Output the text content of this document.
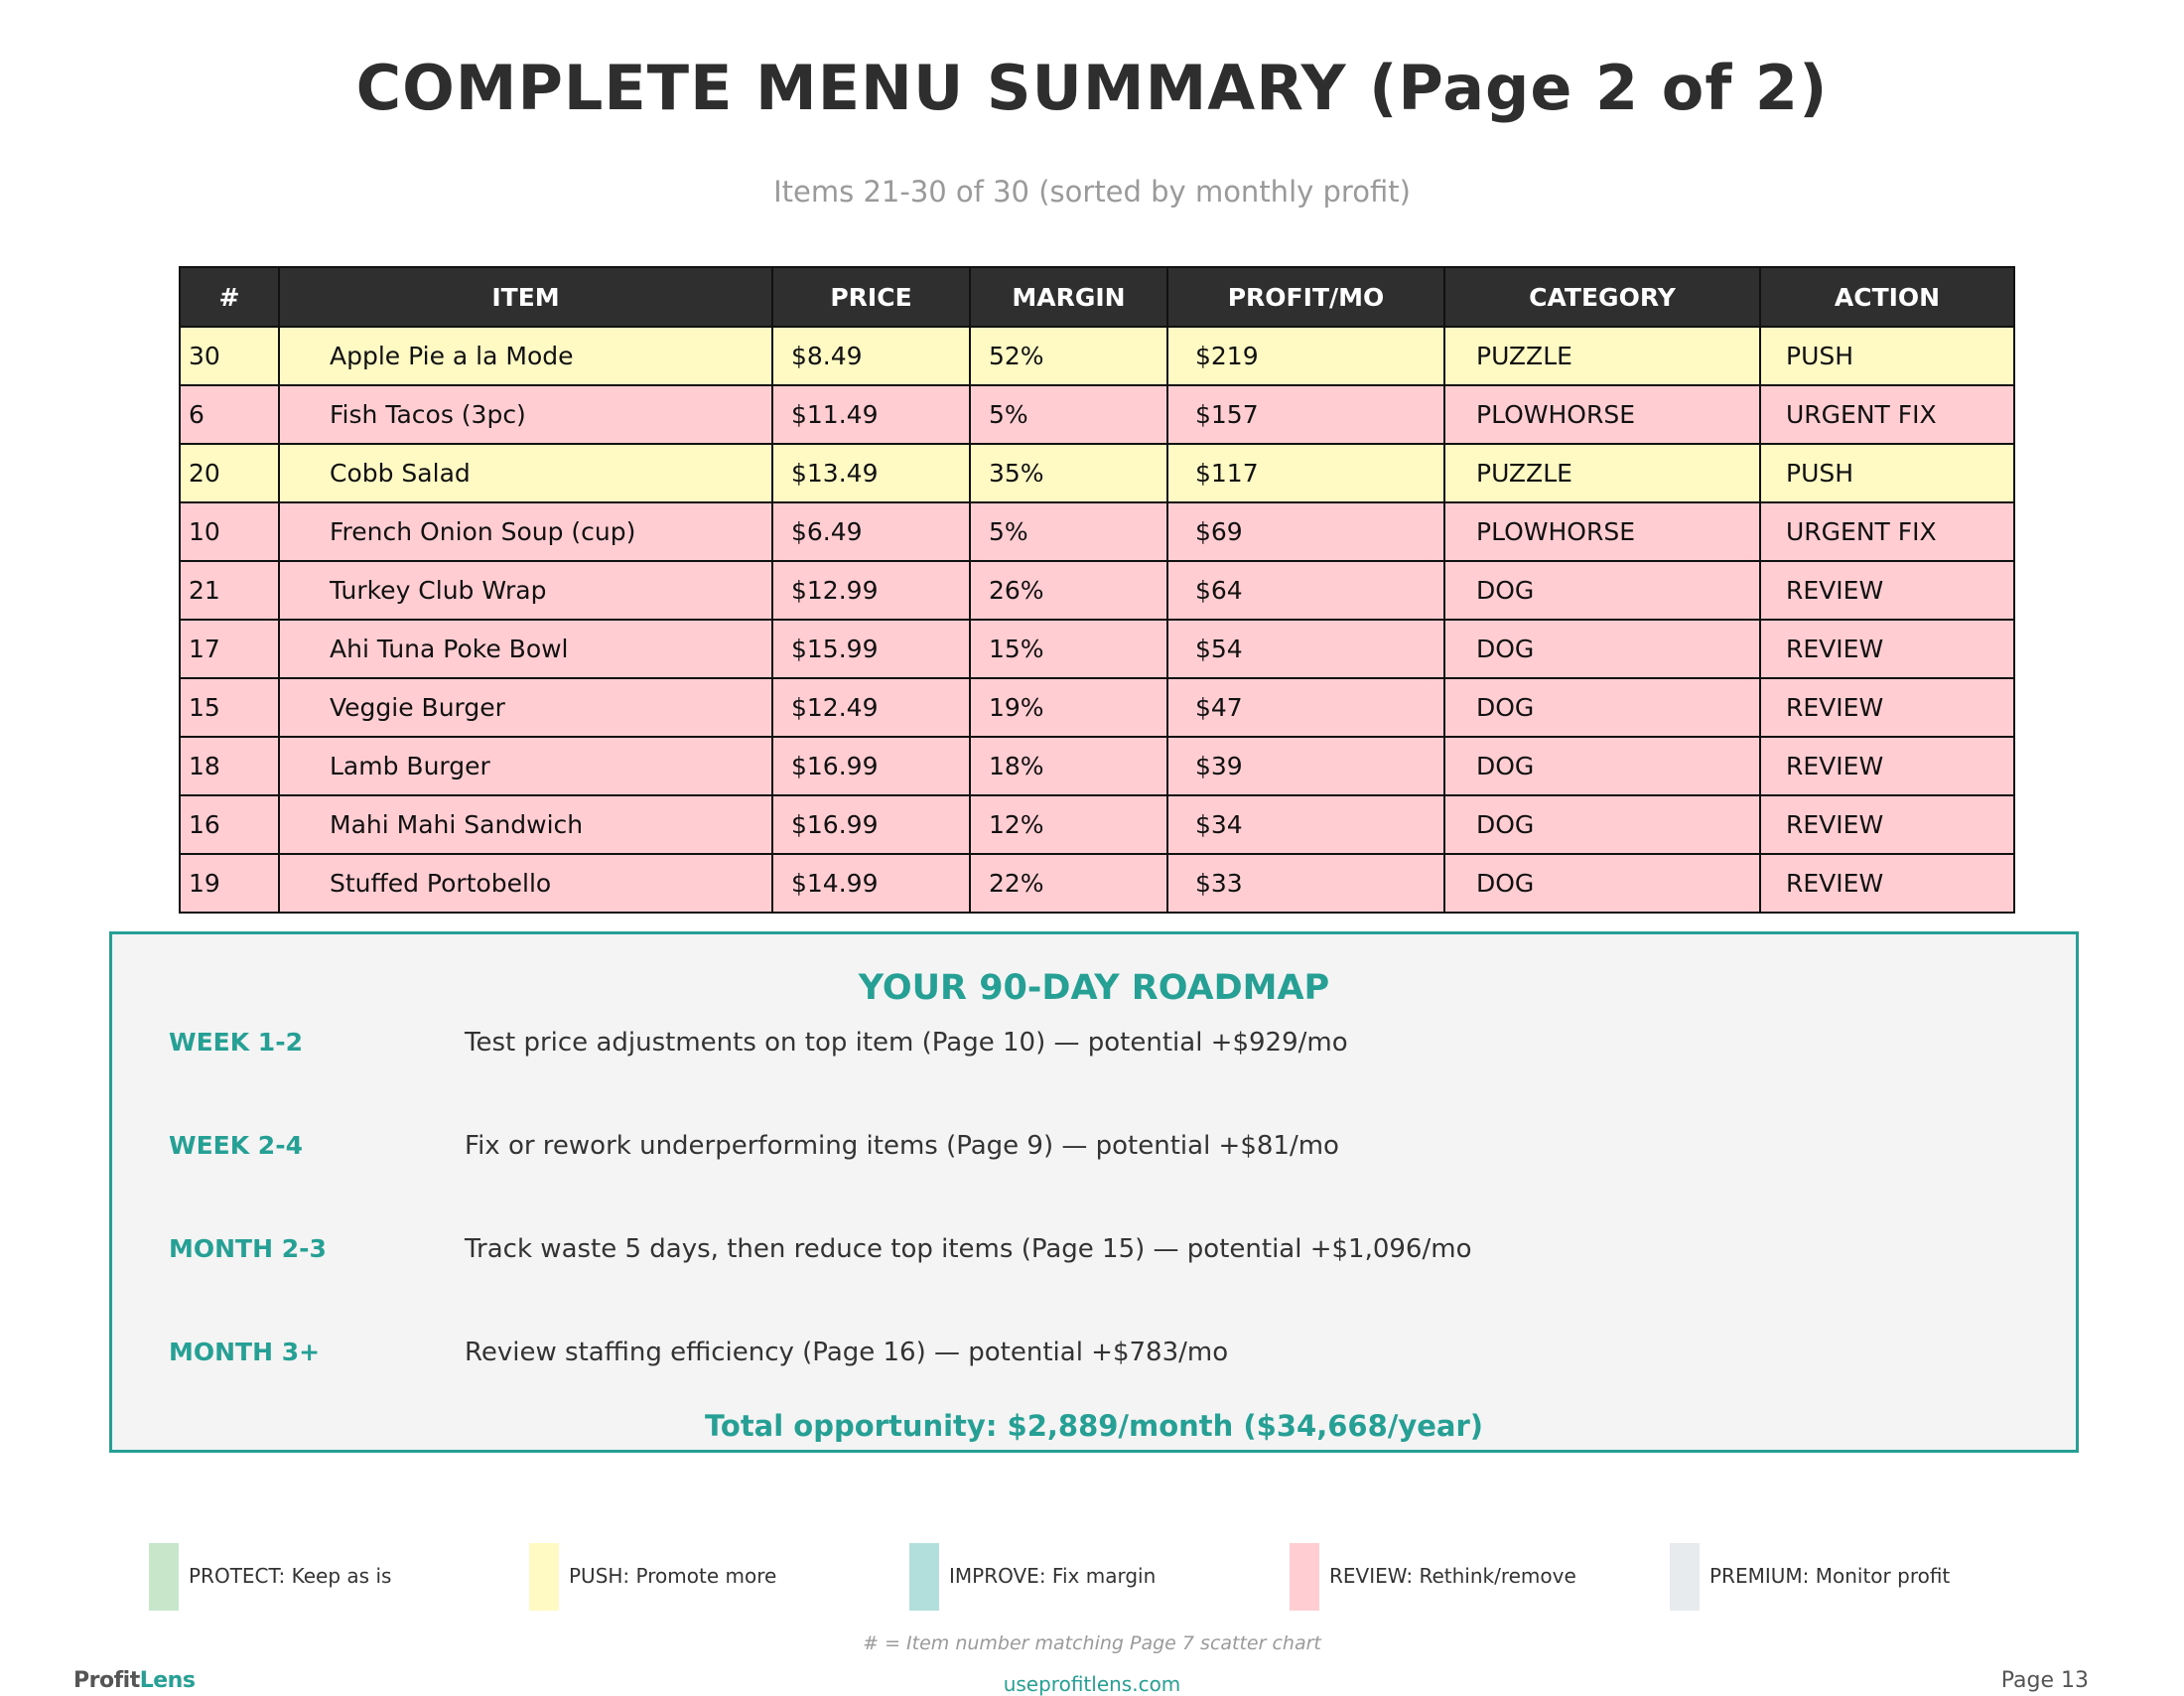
COMPLETE MENU SUMMARY (Page 2 of 2)
Items 21-30 of 30 (sorted by monthly profit)
#	ITEM	PRICE	MARGIN	PROFIT/MO	CATEGORY	ACTION
30	Apple Pie a la Mode	$8.49	52%	$219	PUZZLE	PUSH
6	Fish Tacos (3pc)	$11.49	5%	$157	PLOWHORSE	URGENT FIX
20	Cobb Salad	$13.49	35%	$117	PUZZLE	PUSH
10	French Onion Soup (cup)	$6.49	5%	$69	PLOWHORSE	URGENT FIX
21	Turkey Club Wrap	$12.99	26%	$64	DOG	REVIEW
17	Ahi Tuna Poke Bowl	$15.99	15%	$54	DOG	REVIEW
15	Veggie Burger	$12.49	19%	$47	DOG	REVIEW
18	Lamb Burger	$16.99	18%	$39	DOG	REVIEW
16	Mahi Mahi Sandwich	$16.99	12%	$34	DOG	REVIEW
19	Stuffed Portobello	$14.99	22%	$33	DOG	REVIEW
YOUR 90-DAY ROADMAP
WEEK 1-2	Test price adjustments on top item (Page 10) — potential +$929/mo
WEEK 2-4	Fix or rework underperforming items (Page 9) — potential +$81/mo
MONTH 2-3	Track waste 5 days, then reduce top items (Page 15) — potential +$1,096/mo
MONTH 3+	Review staffing efficiency (Page 16) — potential +$783/mo
Total opportunity: $2,889/month ($34,668/year)
PROTECT: Keep as is	PUSH: Promote more	IMPROVE: Fix margin	REVIEW: Rethink/remove	PREMIUM: Monitor profit
# = Item number matching Page 7 scatter chart
ProfitLens	useprofitlens.com	Page 13
